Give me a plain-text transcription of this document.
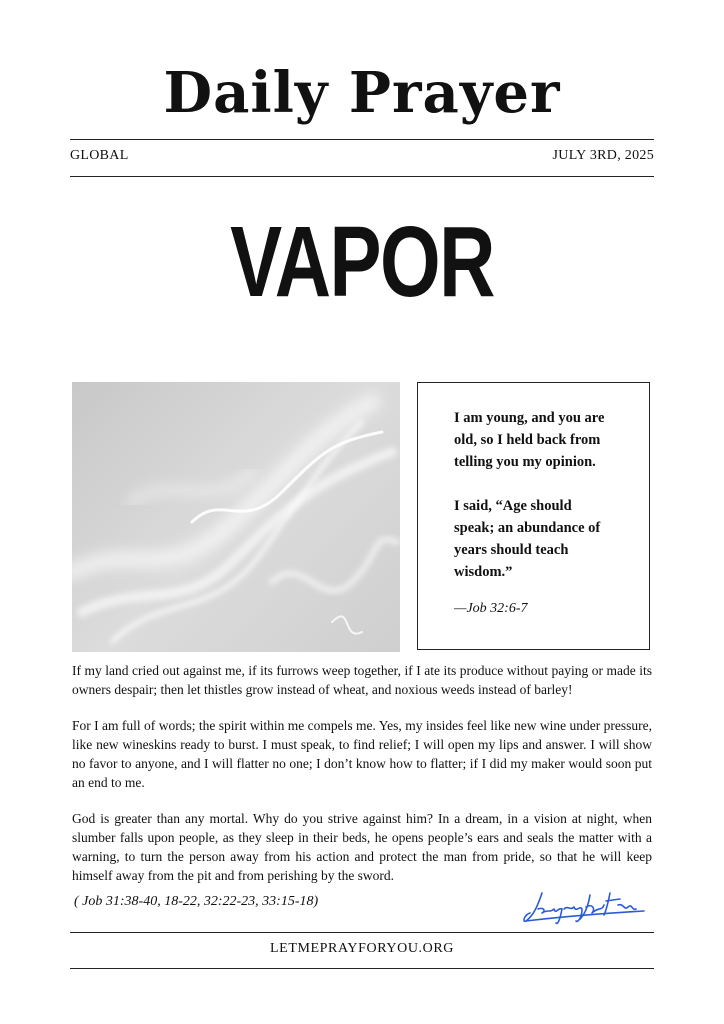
Daily Prayer
GLOBAL	JULY 3RD, 2025
VAPOR

I am young, and you are

old, so I held back from

telling you my opinion.

I said, “Age should

speak; an abundance of

years should teach

wisdom.”

—Job 32:6-7

If my land cried out against me, if its furrows weep together, if I ate its produce without paying or made its owners despair; then let thistles grow instead of wheat, and noxious weeds instead of barley!

For I am full of words; the spirit within me compels me. Yes, my insides feel like new wine under pressure, like new wineskins ready to burst. I must speak, to find relief; I will open my lips and answer. I will show no favor to anyone, and I will flatter no one; I don’t know how to flatter; if I did my maker would soon put an end to me.

God is greater than any mortal. Why do you strive against him? In a dream, in a vision at night, when slumber falls upon people, as they sleep in their beds, he opens people’s ears and seals the matter with a warning, to turn the person away from his action and protect the man from pride, so that he will keep himself away from the pit and from perishing by the sword.

( Job 31:38-40, 18-22, 32:22-23, 33:15-18)
LETMEPRAYFORYOU.ORG
